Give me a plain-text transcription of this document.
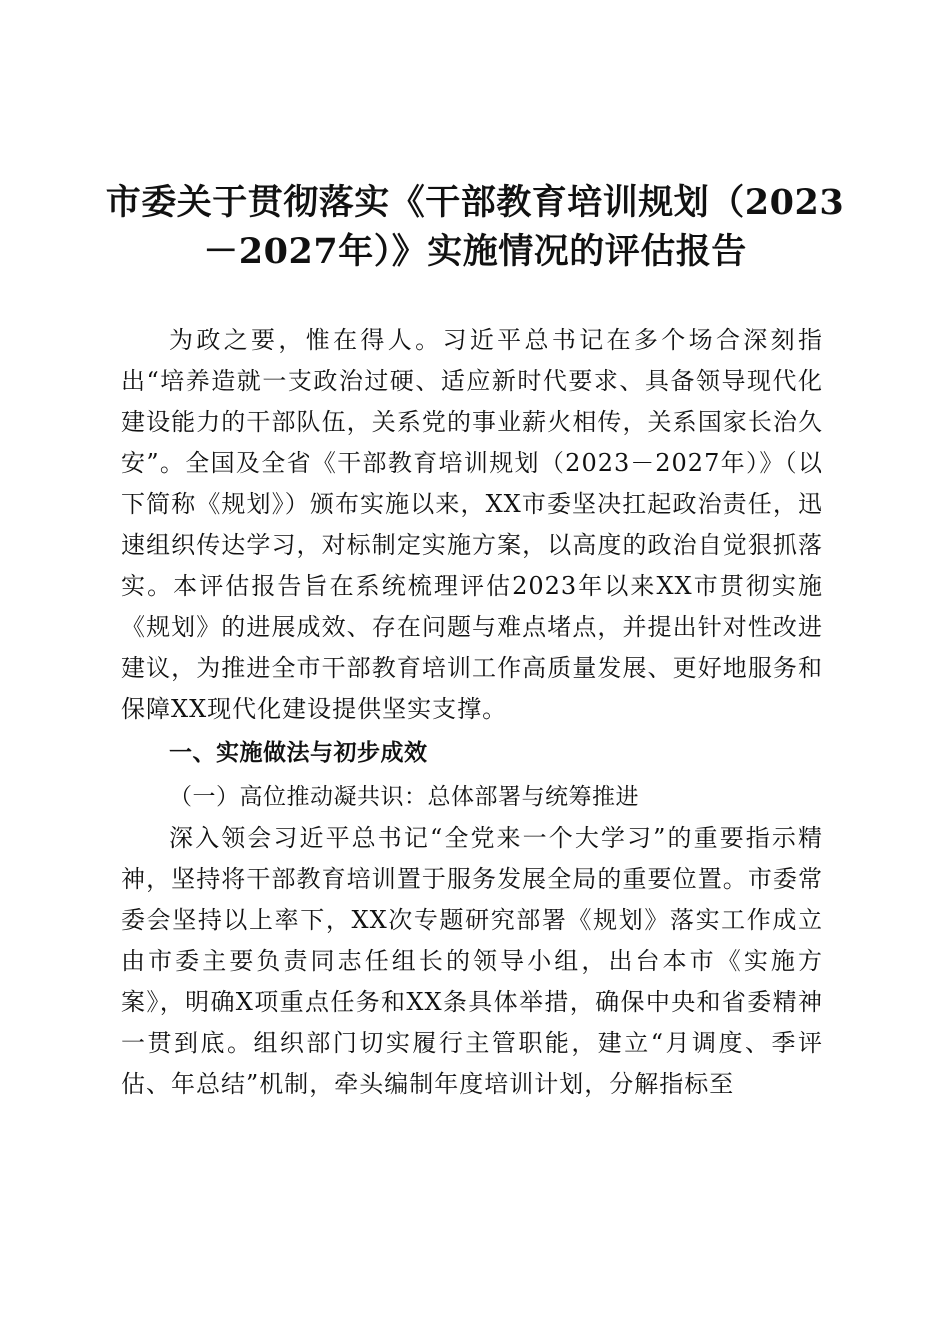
市委关于贯彻落实《干部教育培训规划（2023－2027年）》实施情况的评估报告

为政之要，惟在得人。习近平总书记在多个场合深刻指出“培养造就一支政治过硬、适应新时代要求、具备领导现代化建设能力的干部队伍，关系党的事业薪火相传，关系国家长治久安”。全国及全省《干部教育培训规划（2023－2027年）》（以下简称《规划》）颁布实施以来，XX市委坚决扛起政治责任，迅速组织传达学习，对标制定实施方案，以高度的政治自觉狠抓落实。本评估报告旨在系统梳理评估2023年以来XX市贯彻实施《规划》的进展成效、存在问题与难点堵点，并提出针对性改进建议，为推进全市干部教育培训工作高质量发展、更好地服务和保障XX现代化建设提供坚实支撑。

一、实施做法与初步成效

（一）高位推动凝共识：总体部署与统筹推进

深入领会习近平总书记“全党来一个大学习”的重要指示精神，坚持将干部教育培训置于服务发展全局的重要位置。市委常委会坚持以上率下，XX次专题研究部署《规划》落实工作成立由市委主要负责同志任组长的领导小组，出台本市《实施方案》，明确X项重点任务和XX条具体举措，确保中央和省委精神一贯到底。组织部门切实履行主管职能，建立“月调度、季评估、年总结”机制，牵头编制年度培训计划，分解指标至
